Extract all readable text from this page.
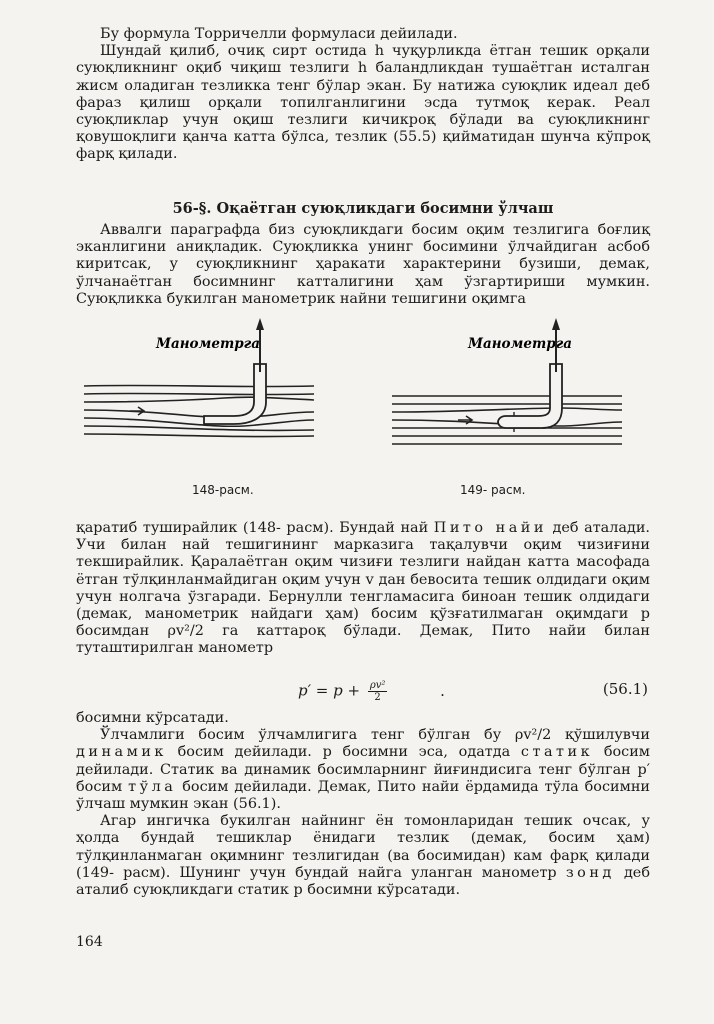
Бу формула Торричелли формуласи дейилади.

Шундай қилиб, очиқ сирт остида h чуқурликда ётган тешик орқали суюқликнинг оқиб чиқиш тезлиги h баландликдан тушаётган исталган жисм оладиган тезликка тенг бўлар экан. Бу натижа суюқлик идеал деб фараз қилиш орқали топилганлигини эсда тутмоқ керак. Реал суюқликлар учун оқиш тезлиги кичикроқ бўлади ва суюқликнинг қовушоқлиги қанча катта бўлса, тезлик (55.5) қийматидан шунча кўпроқ фарқ қилади.

56-§. Оқаётган суюқликдаги босимни ўлчаш

Аввалги параграфда биз суюқликдаги босим оқим тезлигига боғлиқ эканлигини аниқладик. Суюқликка унинг босимини ўлчайдиган асбоб киритсак, у суюқликнинг ҳаракати характерини бузиши, демак, ўлчанаётган босимнинг катталигини ҳам ўзгартириши мумкин. Суюқликка букилган манометрик найни тешигини оқимга

Манометрга
148-расм.
Манометрга
149- расм.

қаратиб туширайлик (148- расм). Бундай най Пито найи деб аталади. Учи билан най тешигининг марказига тақалувчи оқим чизиғини текширайлик. Қаралаётган оқим чизиғи тезлиги найдан катта масофада ётган тўлқинланмайдиган оқим учун v дан бевосита тешик олдидаги оқим учун нолгача ўзгаради. Бернулли тенгламасига биноан тешик олдидаги (демак, манометрик найдаги ҳам) босим қўзғатилмаган оқимдаги p босимдан ρv²/2 га каттароқ бўлади. Демак, Пито найи билан туташтирилган манометр

$p' = p + \frac{\text{ρv²}}{2}$	.	(56.1)

босимни кўрсатади.

Ўлчамлиги босим ўлчамлигига тенг бўлган бу ρv²/2 қўшилувчи динамик босим дейилади. p босимни эса, одатда статик босим дейилади. Статик ва динамик босимларнинг йиғиндисига тенг бўлган p′ босим тўла босим дейилади. Демак, Пито найи ёрдамида тўла босимни ўлчаш мумкин экан (56.1).

Агар ингичка букилган найнинг ён томонларидан тешик очсак, у ҳолда бундай тешиклар ёнидаги тезлик (демак, босим ҳам) тўлқинланмаган оқимнинг тезлигидан (ва босимидан) кам фарқ қилади (149- расм). Шунинг учун бундай найга уланган манометр зонд деб аталиб суюқликдаги статик p босимни кўрсатади.

164
